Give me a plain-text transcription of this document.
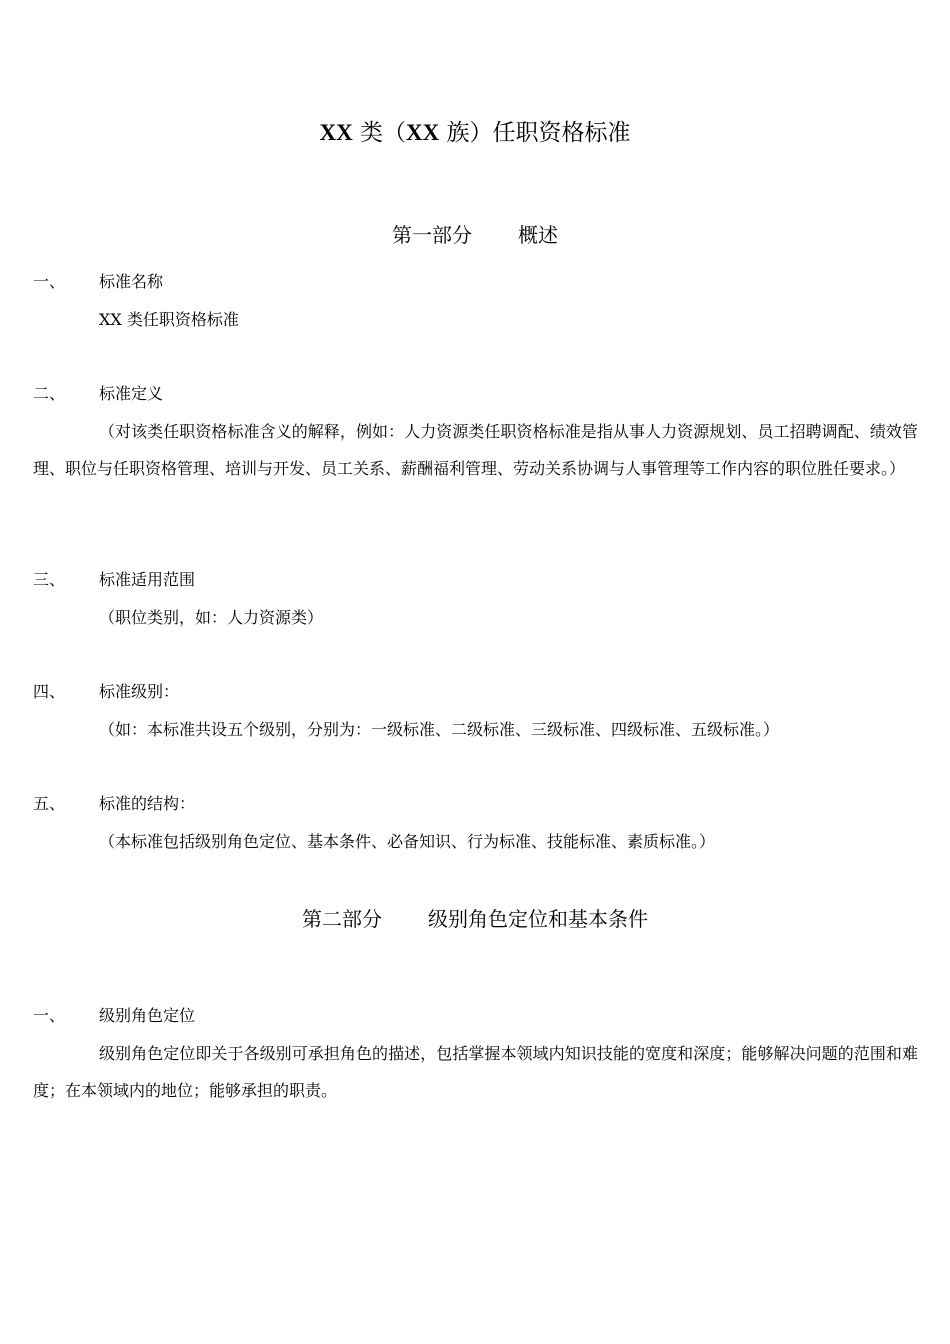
XX 类（XX 族）任职资格标准
第一部分 概述
一、 标准名称
XX 类任职资格标准
二、 标准定义
（对该类任职资格标准含义的解释，例如：人力资源类任职资格标准是指从事人力资源规划、员工招聘调配、绩效管理、职位与任职资格管理、培训与开发、员工关系、薪酬福利管理、劳动关系协调与人事管理等工作内容的职位胜任要求。）
三、 标准适用范围
（职位类别，如：人力资源类）
四、 标准级别：
（如：本标准共设五个级别，分别为：一级标准、二级标准、三级标准、四级标准、五级标准。）
五、 标准的结构：
（本标准包括级别角色定位、基本条件、必备知识、行为标准、技能标准、素质标准。）
第二部分 级别角色定位和基本条件
一、 级别角色定位
级别角色定位即关于各级别可承担角色的描述，包括掌握本领域内知识技能的宽度和深度；能够解决问题的范围和难度；在本领域内的地位；能够承担的职责。
